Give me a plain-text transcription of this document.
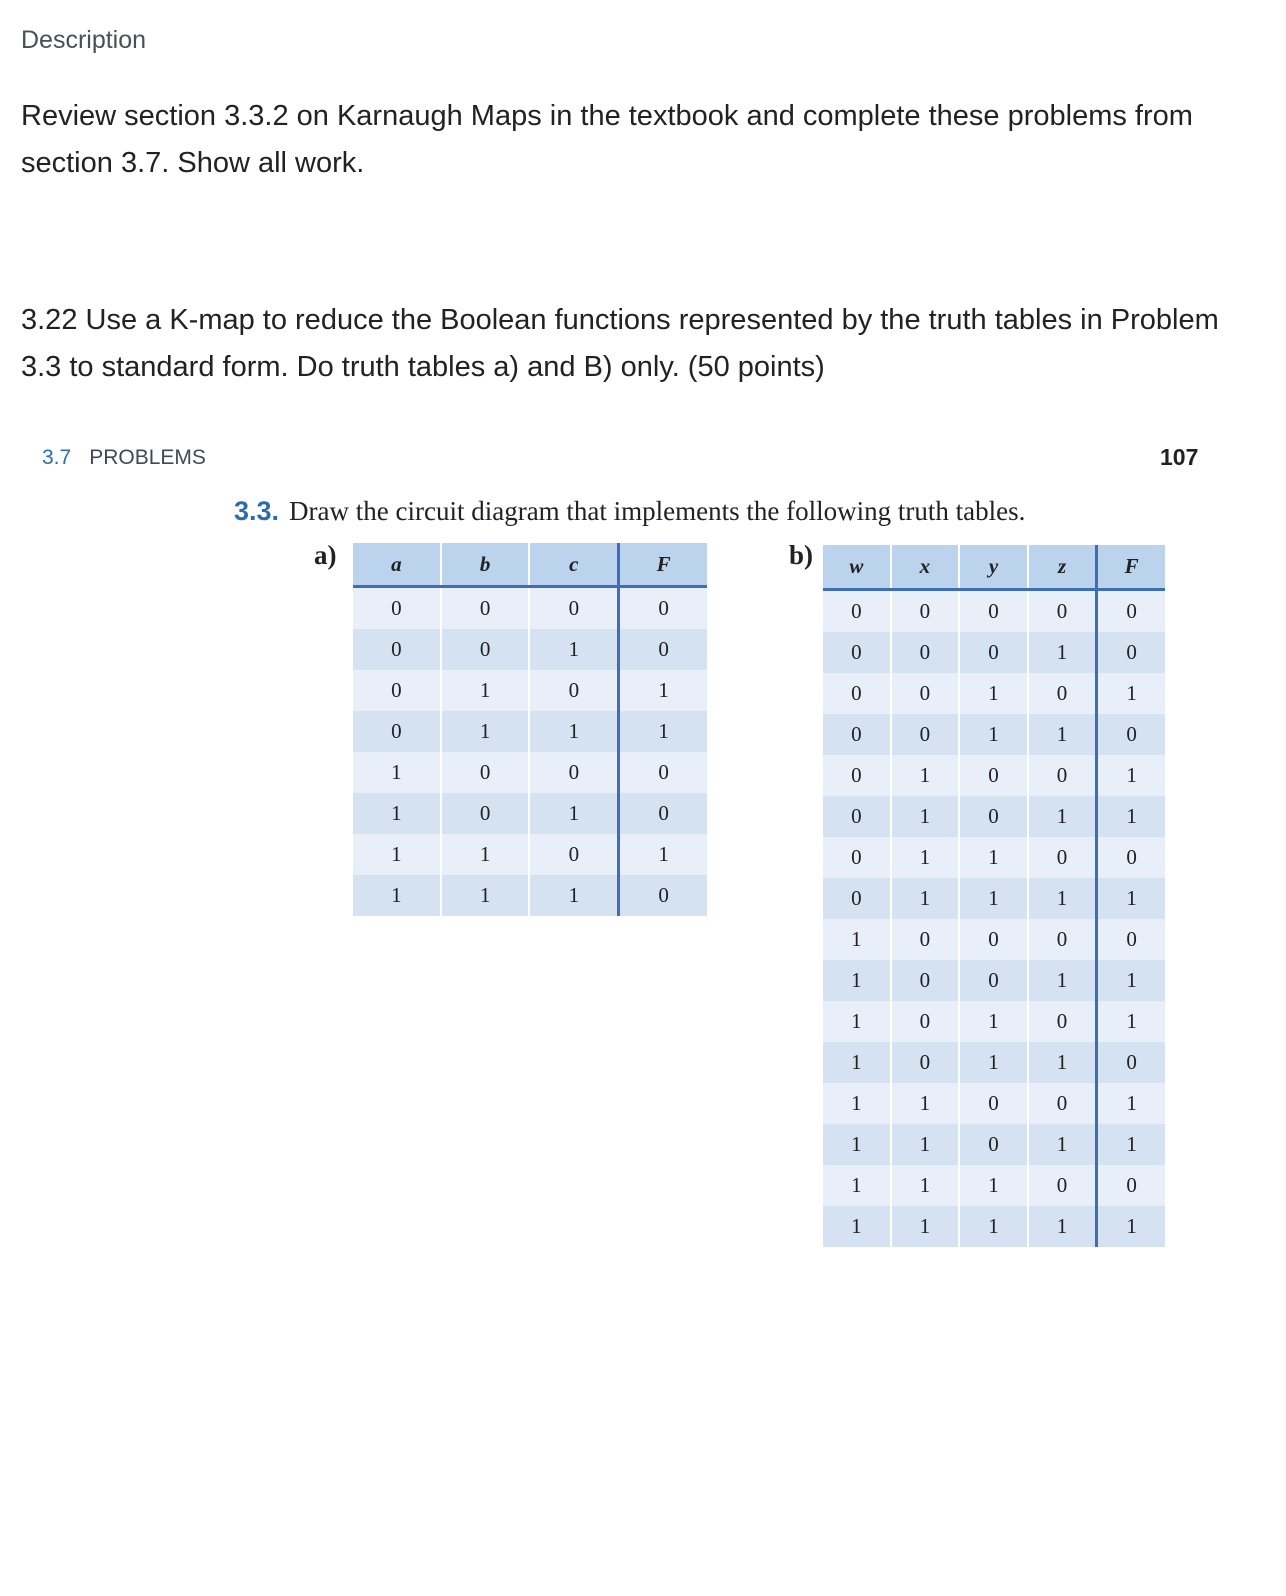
Description
Review section 3.3.2 on Karnaugh Maps in the textbook and complete these problems from section 3.7. Show all work.
3.22 Use a K-map to reduce the Boolean functions represented by the truth tables in Problem 3.3 to standard form. Do truth tables a) and B) only. (50 points)
3.7 PROBLEMS	107
3.3. Draw the circuit diagram that implements the following truth tables.
a)	a	b	c	F
0	0	0	0
0	0	1	0
0	1	0	1
0	1	1	1
1	0	0	0
1	0	1	0
1	1	0	1
1	1	1	0
b) w	x	y	z	F
0	0	0	0	0
0	0	0	1	0
0	0	1	0	1
0	0	1	1	0
0	1	0	0	1
0	1	0	1	1
0	1	1	0	0
0	1	1	1	1
1	0	0	0	0
1	0	0	1	1
1	0	1	0	1
1	0	1	1	0
1	1	0	0	1
1	1	0	1	1
1	1	1	0	0
1	1	1	1	1
